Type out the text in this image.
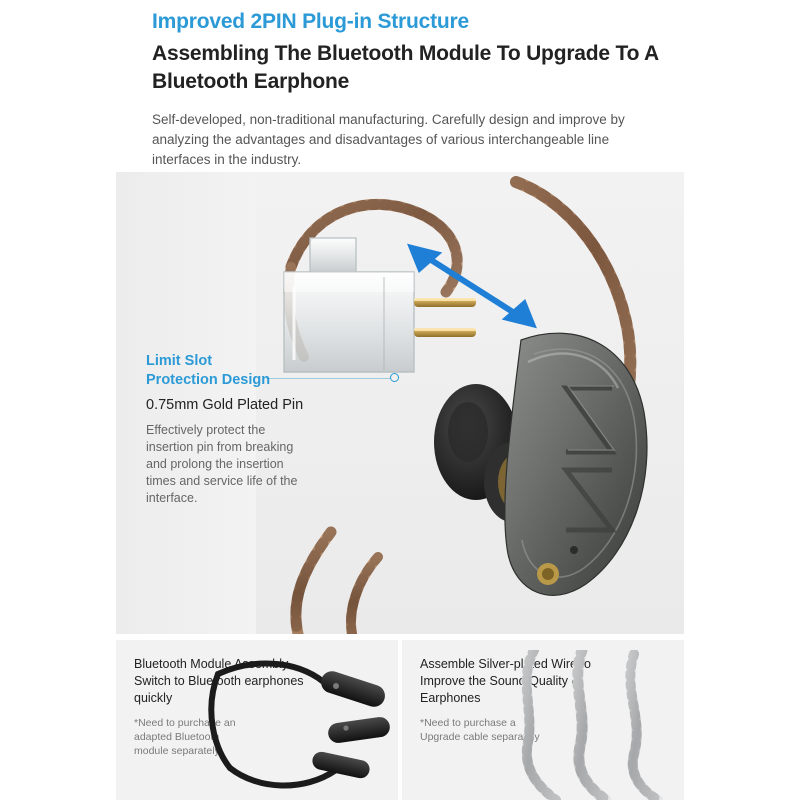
Improved 2PIN Plug-in Structure

Assembling The Bluetooth Module To Upgrade To A Bluetooth Earphone

Self-developed, non-traditional manufacturing. Carefully design and improve by analyzing the advantages and disadvantages of various interchangeable line interfaces in the industry.

Limit Slot

Protection Design

0.75mm Gold Plated Pin

Effectively protect the insertion pin from breaking and prolong the insertion times and service life of the interface.

Bluetooth Module Assembly Switch to Bluetooth earphones quickly
*Need to purchase an adapted Bluetooth module separately
Assemble Silver-plated Wire to Improve the Sound Quality of Earphones
*Need to purchase a Upgrade cable separately
